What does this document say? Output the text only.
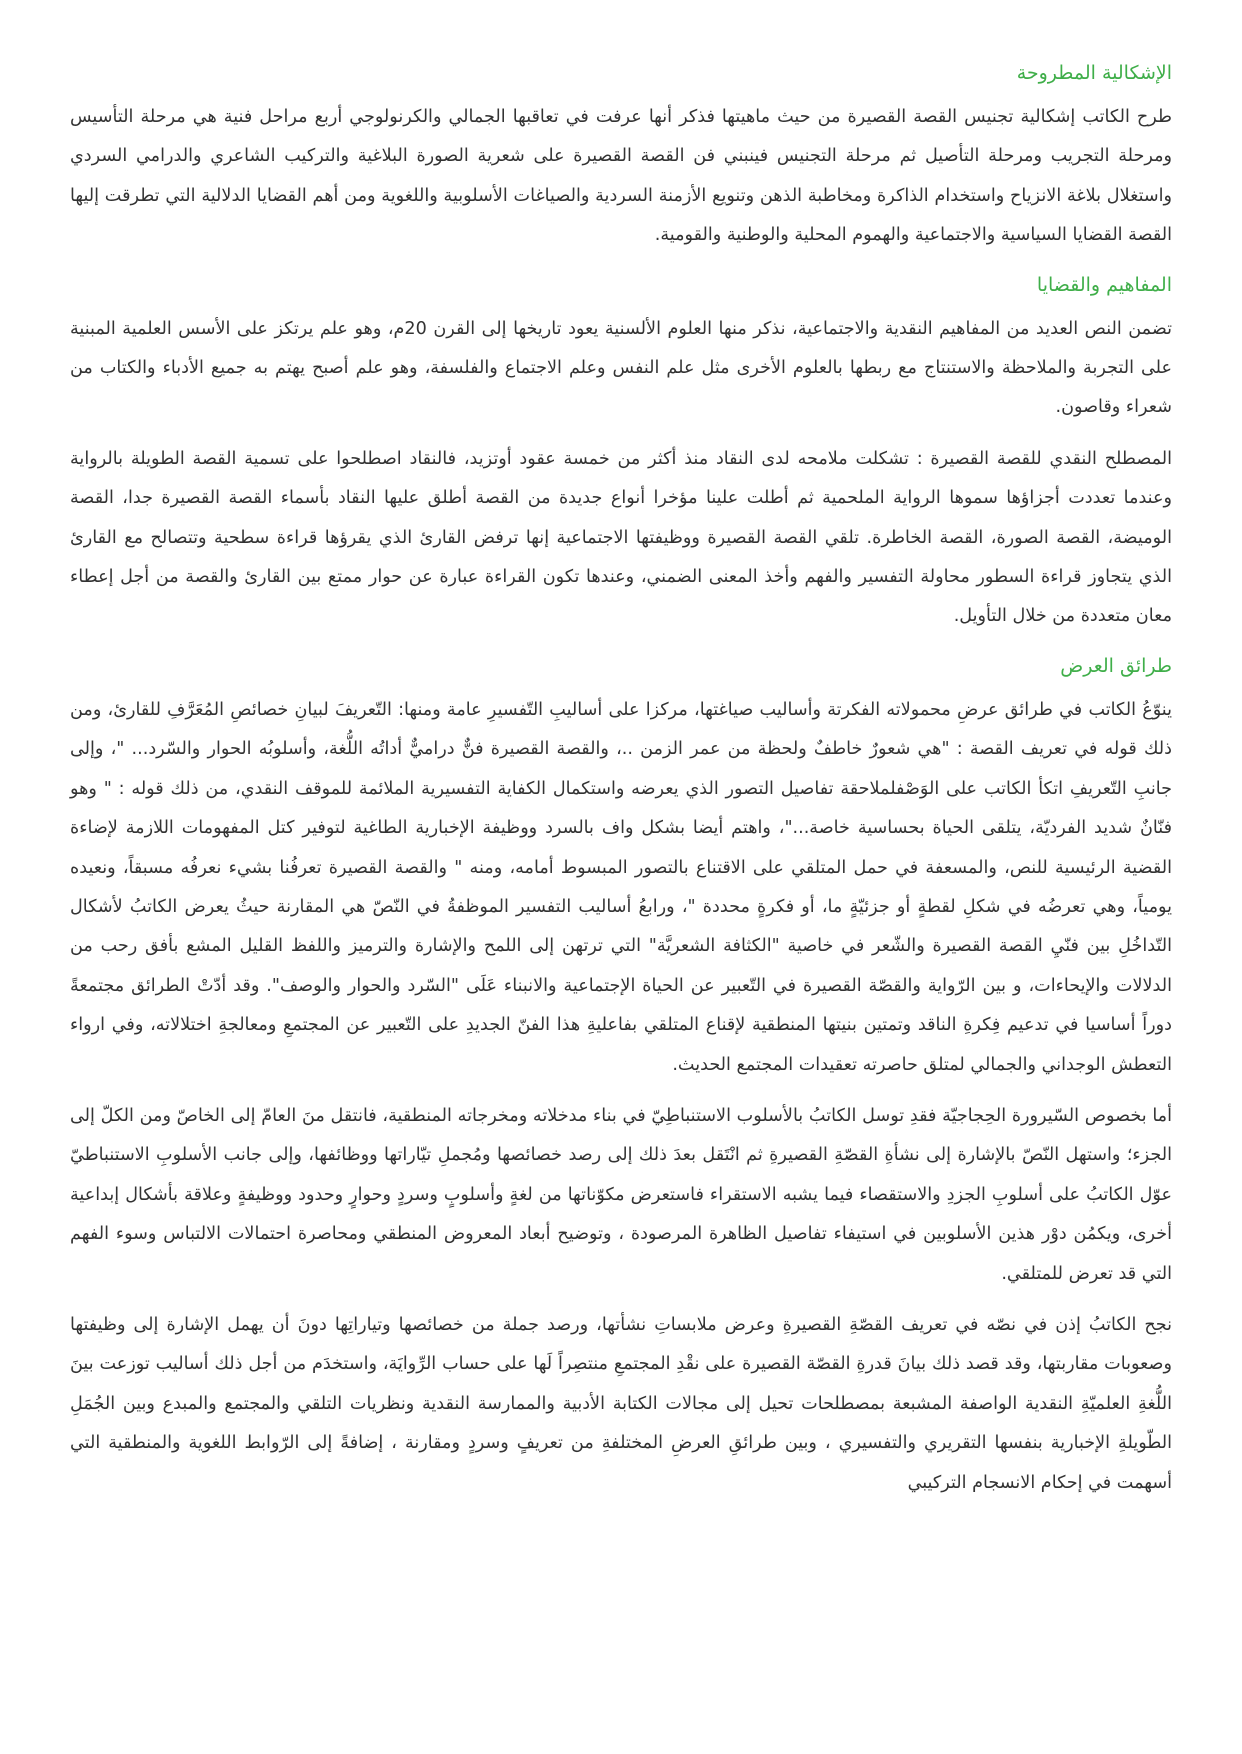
الإشكالية المطروحة

طرح الكاتب إشكالية تجنيس القصة القصيرة من حيث ماهيتها فذكر أنها عرفت في تعاقبها الجمالي والكرنولوجي أربع مراحل فنية هي مرحلة التأسيس ومرحلة التجريب ومرحلة التأصيل ثم مرحلة التجنيس فينبني فن القصة القصيرة على شعرية الصورة البلاغية والتركيب الشاعري والدرامي السردي واستغلال بلاغة الانزياح واستخدام الذاكرة ومخاطبة الذهن وتنويع الأزمنة السردية والصياغات الأسلوبية واللغوية ومن أهم القضايا الدلالية التي تطرقت إليها القصة القضايا السياسية والاجتماعية والهموم المحلية والوطنية والقومية.

المفاهيم والقضايا

تضمن النص العديد من المفاهيم النقدية والاجتماعية، نذكر منها العلوم الألسنية يعود تاريخها إلى القرن 20م، وهو علم يرتكز على الأسس العلمية المبنية على التجربة والملاحظة والاستنتاج مع ربطها بالعلوم الأخرى مثل علم النفس وعلم الاجتماع والفلسفة، وهو علم أصبح يهتم به جميع الأدباء والكتاب من شعراء وقاصون.

المصطلح النقدي للقصة القصيرة : تشكلت ملامحه لدى النقاد منذ أكثر من خمسة عقود أوتزيد، فالنقاد اصطلحوا على تسمية القصة الطويلة بالرواية وعندما تعددت أجزاؤها سموها الرواية الملحمية ثم أطلت علينا مؤخرا أنواع جديدة من القصة أطلق عليها النقاد بأسماء القصة القصيرة جدا، القصة الوميضة، القصة الصورة، القصة الخاطرة. تلقي القصة القصيرة ووظيفتها الاجتماعية إنها ترفض القارئ الذي يقرؤها قراءة سطحية وتتصالح مع القارئ الذي يتجاوز قراءة السطور محاولة التفسير والفهم وأخذ المعنى الضمني، وعندها تكون القراءة عبارة عن حوار ممتع بين القارئ والقصة من أجل إعطاء معان متعددة من خلال التأويل.

طرائق العرض

ينوّعُ الكاتب في طرائق عرضِ محمولاته الفكرتة وأساليب صياغتها، مركزا على أساليبِ التّفسيرِ عامة ومنها: التّعريفَ لبيانِ خصائصِ المُعَرَّفِ للقارئ، ومن ذلك قوله في تعريف القصة : "هي شعورٌ خاطفٌ ولحظة من عمر الزمن ..، والقصة القصيرة فنٌّ دراميٌّ أداتُه اللُّغة، وأسلوبُه الحوار والسّرد... "، وإلى جانبِ التّعريفِ اتكأ الكاتب على الوَصْفلملاحقة تفاصيل التصور الذي يعرضه واستكمال الكفاية التفسيرية الملائمة للموقف النقدي، من ذلك قوله : " وهو فنّانٌ شديد الفرديّة، يتلقى الحياة بحساسية خاصة..."، واهتم أيضا بشكل واف بالسرد ووظيفة الإخبارية الطاغية لتوفير كتل المفهومات اللازمة لإضاءة القضية الرئيسية للنص، والمسعفة في حمل المتلقي على الاقتناع بالتصور المبسوط أمامه، ومنه " والقصة القصيرة تعرفُنا بشيء نعرفُه مسبقاً، ونعيده يومياً، وهي تعرضُه في شكلِ لقطةٍ أو جزئيّةٍ ما، أو فكرةٍ محددة "، ورابعُ أساليب التفسير الموظفةُ في النّصّ هي المقارنة حيثُ يعرض الكاتبُ لأشكال التّداخُلِ بين فنّيِ القصة القصيرة والشّعر في خاصية "الكثافة الشعريَّة" التي ترتهن إلى اللمح والإشارة والترميز واللفظ القليل المشع بأفق رحب من الدلالات والإيحاءات، و بين الرّواية والقصّة القصيرة في التّعبير عن الحياة الإجتماعية والانبناء عَلَى "السّرد والحوار والوصف". وقد أدّتْ الطرائق مجتمعةً دوراً أساسيا في تدعيم فِكرةِ الناقد وتمتين بنيتها المنطقية لإقناع المتلقي بفاعليةِ هذا الفنّ الجديدِ على التّعبير عن المجتمعِ ومعالجةِ اختلالاته، وفي ارواء التعطش الوجداني والجمالي لمتلق حاصرته تعقيدات المجتمع الحديث.

أما بخصوص السّيرورة الحِجاجيّة فقدِ توسل الكاتبُ بالأسلوب الاستنباطِيّ في بناء مدخلاته ومخرجاته المنطقية، فانتقل منَ العامّ إلى الخاصّ ومن الكلّ إلى الجزء؛ واستهل النّصّ بالإشارة إلى نشأةِ القصّةِ القصيرةِ ثم انْتَقل بعدَ ذلك إلى رصد خصائصها ومُجملِ تيّاراتها ووظائفها، وإلى جانب الأسلوبِ الاستنباطيّ عوّل الكاتبُ على أسلوبِ الجزدِ والاستقصاء فيما يشبه الاستقراء فاستعرض مكوّناتها من لغةٍ وأسلوبٍ وسردٍ وحوارٍ وحدود ووظيفةٍ وعلاقة بأشكال إبداعية أخرى، ويكمُن دوْر هذين الأسلوبين في استيفاء تفاصيل الظاهرة المرصودة ، وتوضيح أبعاد المعروض المنطقي ومحاصرة احتمالات الالتباس وسوء الفهم التي قد تعرض للمتلقي.

نجح الكاتبُ إذن في نصّه في تعريف القصّةِ القصيرةِ وعرض ملابساتِ نشأتها، ورصد جملة من خصائصها وتياراتِها دونَ أن يهمل الإشارة إلى وظيفتها وصعوبات مقاربتها، وقد قصد ذلك بيانَ قدرةِ القصّة القصيرة على نقْدِ المجتمعِ منتصِراً لَها على حساب الرِّوايَة، واستخدَم من أجل ذلك أساليب توزعت بينَ اللُّغةِ العلميّةِ النقدية الواصفة المشبعة بمصطلحات تحيل إلى مجالات الكتابة الأدبية والممارسة النقدية ونظريات التلقي والمجتمع والمبدع وبين الجُمَلِ الطّويلةِ الإخبارية بنفسها التقريري والتفسيري ، وبين طرائقِ العرضِ المختلفةِ من تعريفٍ وسردٍ ومقارنة ، إضافةً إلى الرّوابط اللغوية والمنطقية التي أسهمت في إحكام الانسجام التركيبي
